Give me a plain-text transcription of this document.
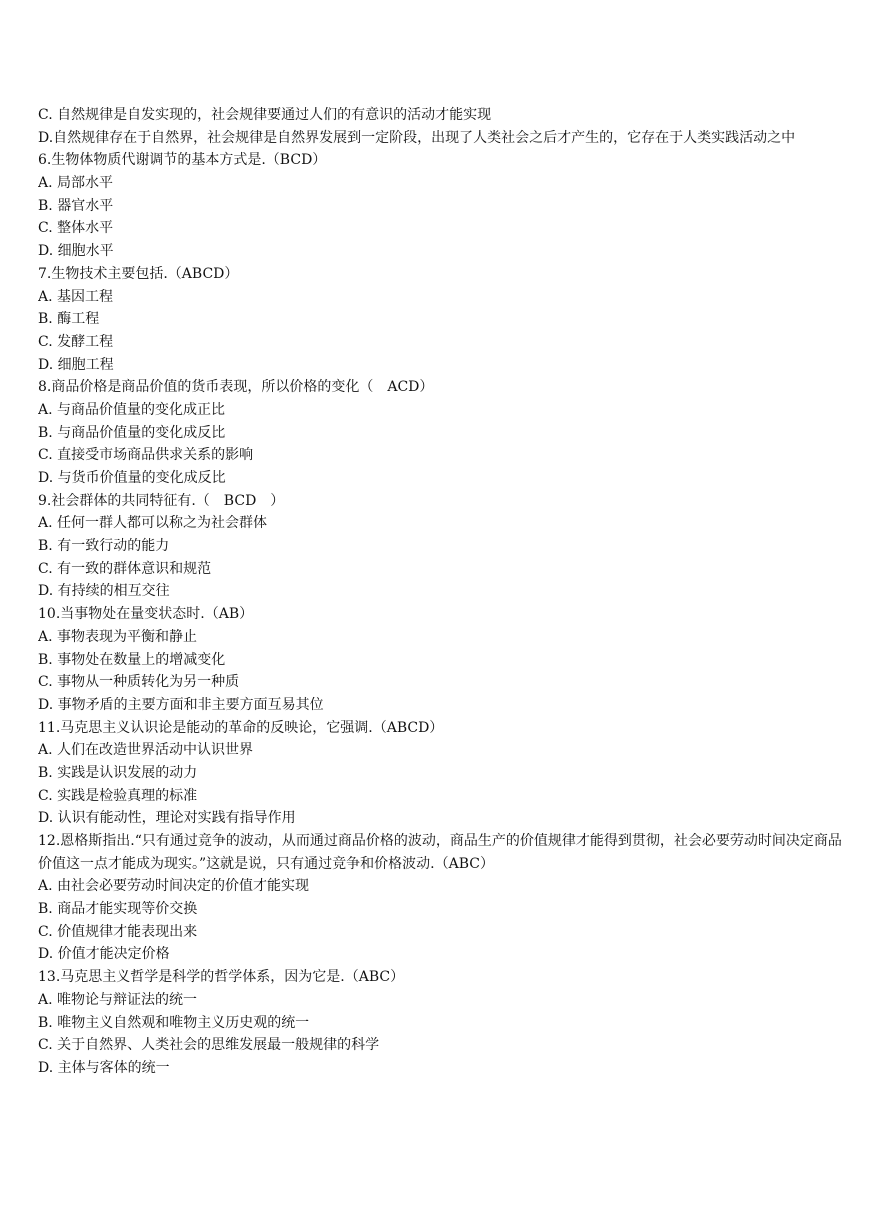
C. 自然规律是自发实现的，社会规律要通过人们的有意识的活动才能实现
D.自然规律存在于自然界，社会规律是自然界发展到一定阶段，出现了人类社会之后才产生的，它存在于人类实践活动之中
6.生物体物质代谢调节的基本方式是.（BCD）
A. 局部水平
B. 器官水平
C. 整体水平
D. 细胞水平
7.生物技术主要包括.（ABCD）
A. 基因工程
B. 酶工程
C. 发酵工程
D. 细胞工程
8.商品价格是商品价值的货币表现，所以价格的变化（　ACD）
A. 与商品价值量的变化成正比
B. 与商品价值量的变化成反比
C. 直接受市场商品供求关系的影响
D. 与货币价值量的变化成反比
9.社会群体的共同特征有.（　BCD　）
A. 任何一群人都可以称之为社会群体
B. 有一致行动的能力
C. 有一致的群体意识和规范
D. 有持续的相互交往
10.当事物处在量变状态时.（AB）
A. 事物表现为平衡和静止
B. 事物处在数量上的增减变化
C. 事物从一种质转化为另一种质
D. 事物矛盾的主要方面和非主要方面互易其位
11.马克思主义认识论是能动的革命的反映论，它强调.（ABCD）
A. 人们在改造世界活动中认识世界
B. 实践是认识发展的动力
C. 实践是检验真理的标准
D. 认识有能动性，理论对实践有指导作用
12.恩格斯指出.“只有通过竞争的波动，从而通过商品价格的波动，商品生产的价值规律才能得到贯彻，社会必要劳动时间决定商品价值这一点才能成为现实。”这就是说，只有通过竞争和价格波动.（ABC）
A. 由社会必要劳动时间决定的价值才能实现
B. 商品才能实现等价交换
C. 价值规律才能表现出来
D. 价值才能决定价格
13.马克思主义哲学是科学的哲学体系，因为它是.（ABC）
A. 唯物论与辩证法的统一
B. 唯物主义自然观和唯物主义历史观的统一
C. 关于自然界、人类社会的思维发展最一般规律的科学
D. 主体与客体的统一
